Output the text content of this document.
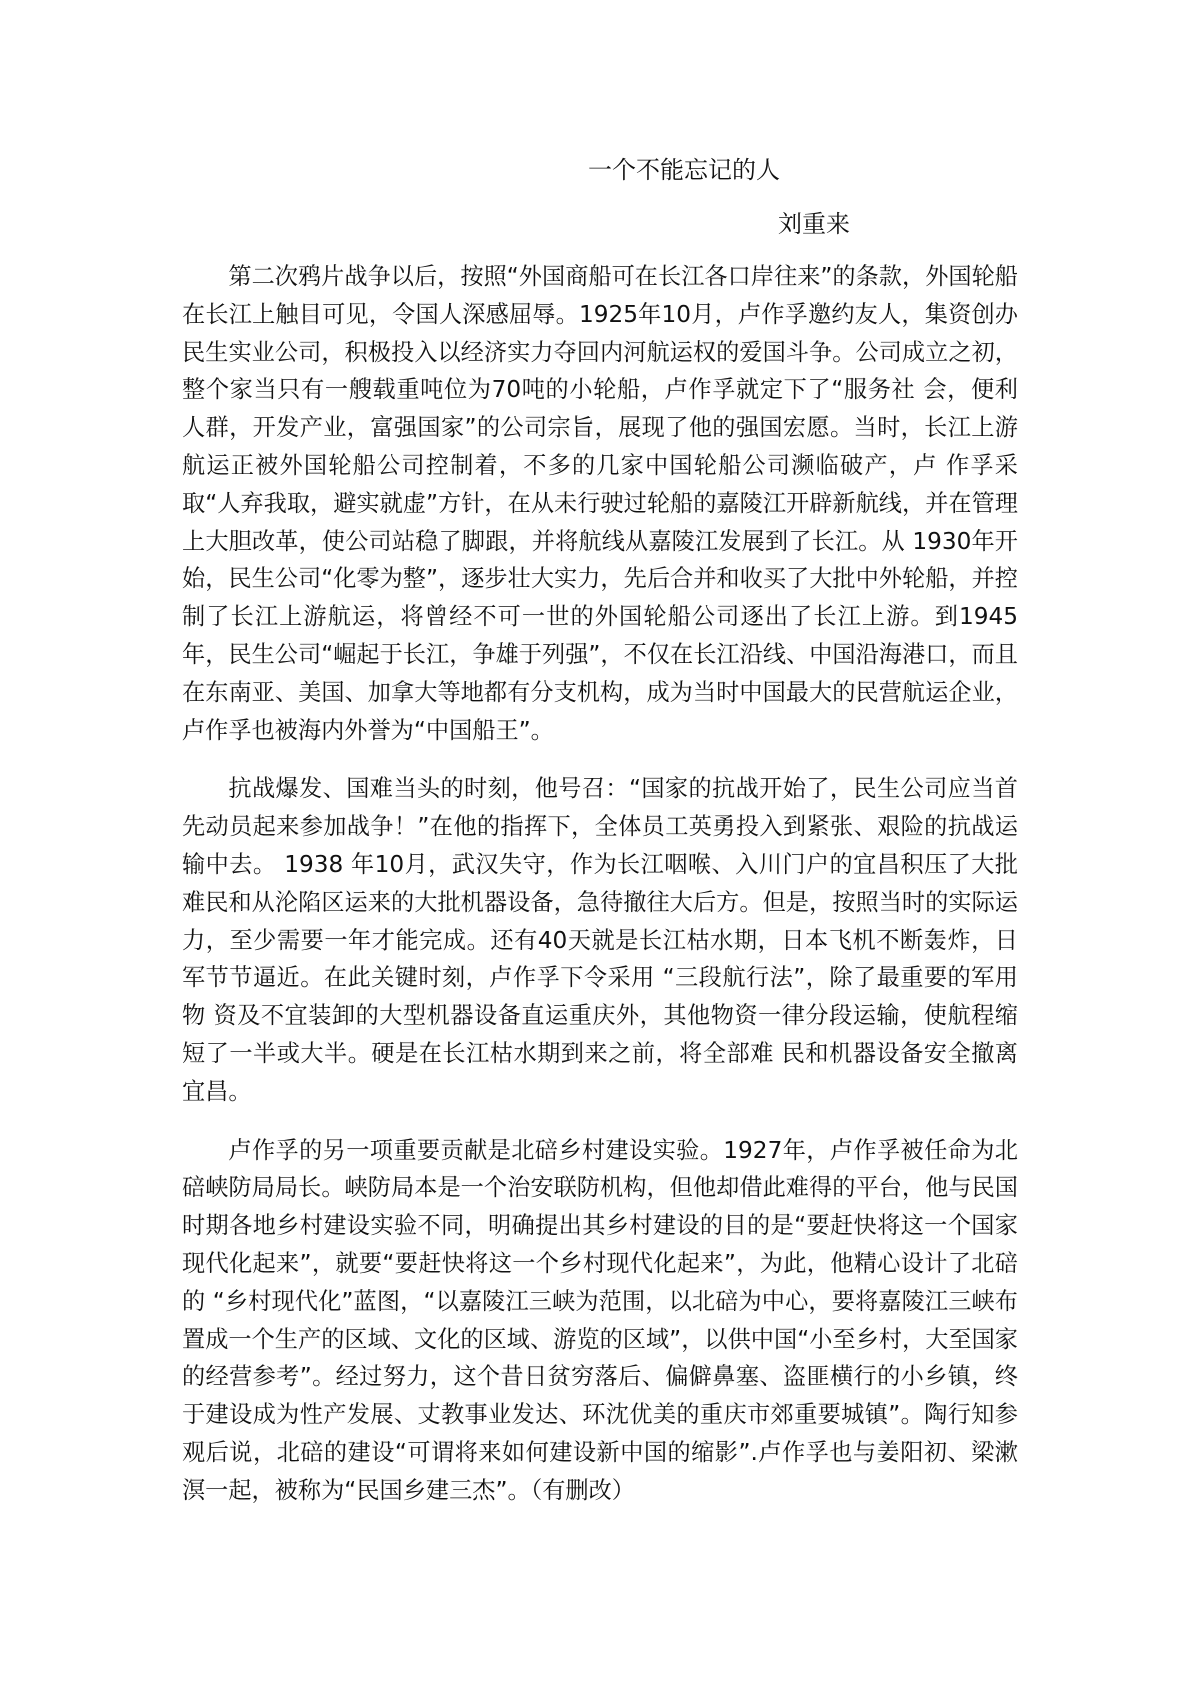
一个不能忘记的人
刘重来

第二次鸦片战争以后，按照“外国商船可在长江各口岸往来”的条款，外国轮船在长江上触目可见，令国人深感屈辱。1925年10月，卢作孚邀约友人，集资创办民生实业公司，积极投入以经济实力夺回内河航运权的爱国斗争。公司成立之初，整个家当只有一艘载重吨位为70吨的小轮船，卢作孚就定下了“服务社 会，便利人群，开发产业，富强国家”的公司宗旨，展现了他的强国宏愿。当时，长江上游航运正被外国轮船公司控制着，不多的几家中国轮船公司濒临破产，卢 作孚采取“人弃我取，避实就虚”方针，在从未行驶过轮船的嘉陵江开辟新航线，并在管理上大胆改革，使公司站稳了脚跟，并将航线从嘉陵江发展到了长江。从 1930年开始，民生公司“化零为整”，逐步壮大实力，先后合并和收买了大批中外轮船，并控制了长江上游航运，将曾经不可一世的外国轮船公司逐出了长江上游。到1945年，民生公司“崛起于长江，争雄于列强”，不仅在长江沿线、中国沿海港口，而且在东南亚、美国、加拿大等地都有分支机构，成为当时中国最大的民营航运企业，卢作孚也被海内外誉为“中国船王”。

抗战爆发、国难当头的时刻，他号召：“国家的抗战开始了，民生公司应当首先动员起来参加战争！”在他的指挥下，全体员工英勇投入到紧张、艰险的抗战运输中去。 1938 年10月，武汉失守，作为长江咽喉、入川门户的宜昌积压了大批难民和从沦陷区运来的大批机器设备，急待撤往大后方。但是，按照当时的实际运力，至少需要一年才能完成。还有40天就是长江枯水期，日本飞机不断轰炸，日军节节逼近。在此关键时刻，卢作孚下令采用 “三段航行法”，除了最重要的军用物 资及不宜装卸的大型机器设备直运重庆外，其他物资一律分段运输，使航程缩短了一半或大半。硬是在长江枯水期到来之前，将全部难 民和机器设备安全撤离宜昌。

卢作孚的另一项重要贡献是北碚乡村建设实验。1927年，卢作孚被任命为北碚峡防局局长。峡防局本是一个治安联防机构，但他却借此难得的平台，他与民国时期各地乡村建设实验不同，明确提出其乡村建设的目的是“要赶快将这一个国家现代化起来”，就要“要赶快将这一个乡村现代化起来”，为此，他精心设计了北碚的 “乡村现代化”蓝图，“以嘉陵江三峡为范围，以北碚为中心，要将嘉陵江三峡布置成一个生产的区域、文化的区域、游览的区域”，以供中国“小至乡村，大至国家的经营参考”。经过努力，这个昔日贫穷落后、偏僻鼻塞、盗匪横行的小乡镇，终于建设成为性产发展、丈教事业发达、环沈优美的重庆市郊重要城镇”。陶行知参观后说，北碚的建设“可谓将来如何建设新中国的缩影”.卢作孚也与姜阳初、梁漱溟一起，被称为“民国乡建三杰”。（有删改）
